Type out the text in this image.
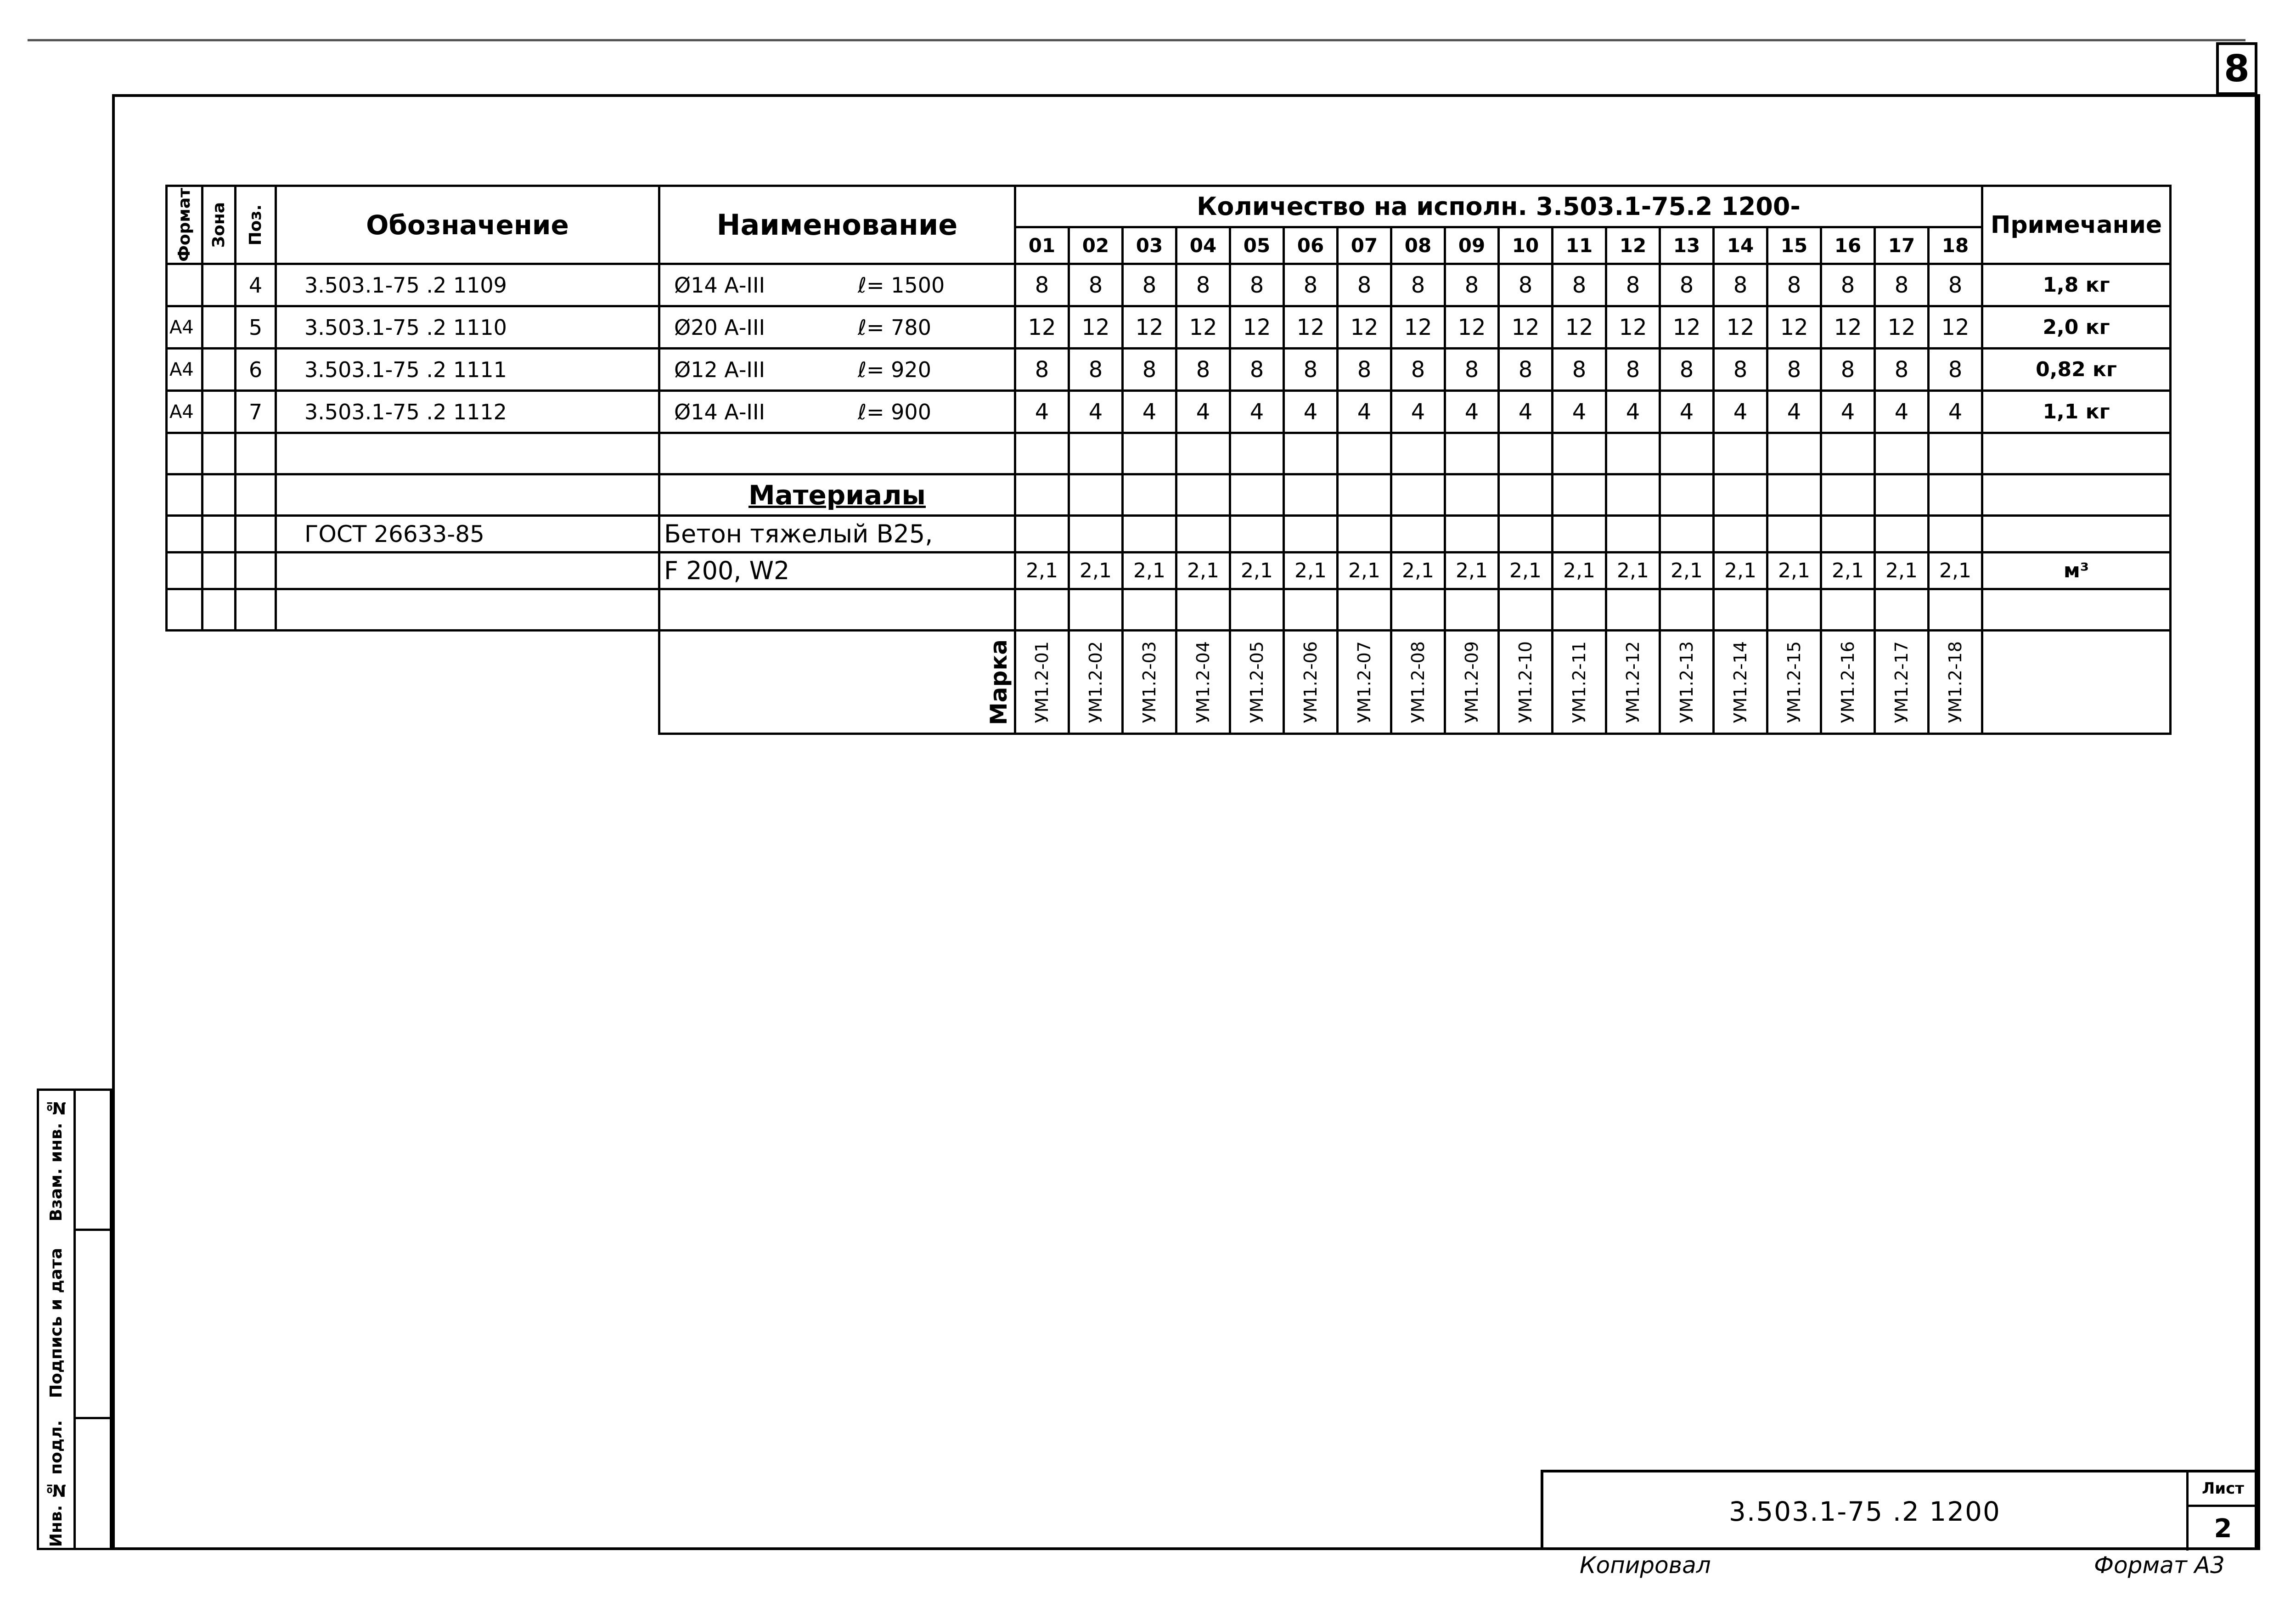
8
Взам. инв. №
Подпись и дата
Инв. № подл.
Формат	Зона	Поз.	Обозначение	Наименование	Количество на исполн. 3.503.1-75.2 1200-																		Примечание
					01	02	03	04	05	06	07	08	09	10	11	12	13	14	15	16	17	18	
		4	3.503.1-75 .2 1109	Ø14 А-III ℓ= 1500	8	8	8	8	8	8	8	8	8	8	8	8	8	8	8	8	8	8	1,8 кг
А4		5	3.503.1-75 .2 1110	Ø20 А-III ℓ= 780	12	12	12	12	12	12	12	12	12	12	12	12	12	12	12	12	12	12	2,0 кг
А4		6	3.503.1-75 .2 1111	Ø12 А-III ℓ= 920	8	8	8	8	8	8	8	8	8	8	8	8	8	8	8	8	8	8	0,82 кг
А4		7	3.503.1-75 .2 1112	Ø14 А-III ℓ= 900	4	4	4	4	4	4	4	4	4	4	4	4	4	4	4	4	4	4	1,1 кг

				Материалы																			
			ГОСТ 26633-85	Бетон тяжелый В25,																			
				F 200, W2	2,1	2,1	2,1	2,1	2,1	2,1	2,1	2,1	2,1	2,1	2,1	2,1	2,1	2,1	2,1	2,1	2,1	2,1	м³

				Марка	УМ1.2-01	УМ1.2-02	УМ1.2-03	УМ1.2-04	УМ1.2-05	УМ1.2-06	УМ1.2-07	УМ1.2-08	УМ1.2-09	УМ1.2-10	УМ1.2-11	УМ1.2-12	УМ1.2-13	УМ1.2-14	УМ1.2-15	УМ1.2-16	УМ1.2-17	УМ1.2-18	

3.503.1-75 .2 1200
Лист
2
Копировал	Формат А3
